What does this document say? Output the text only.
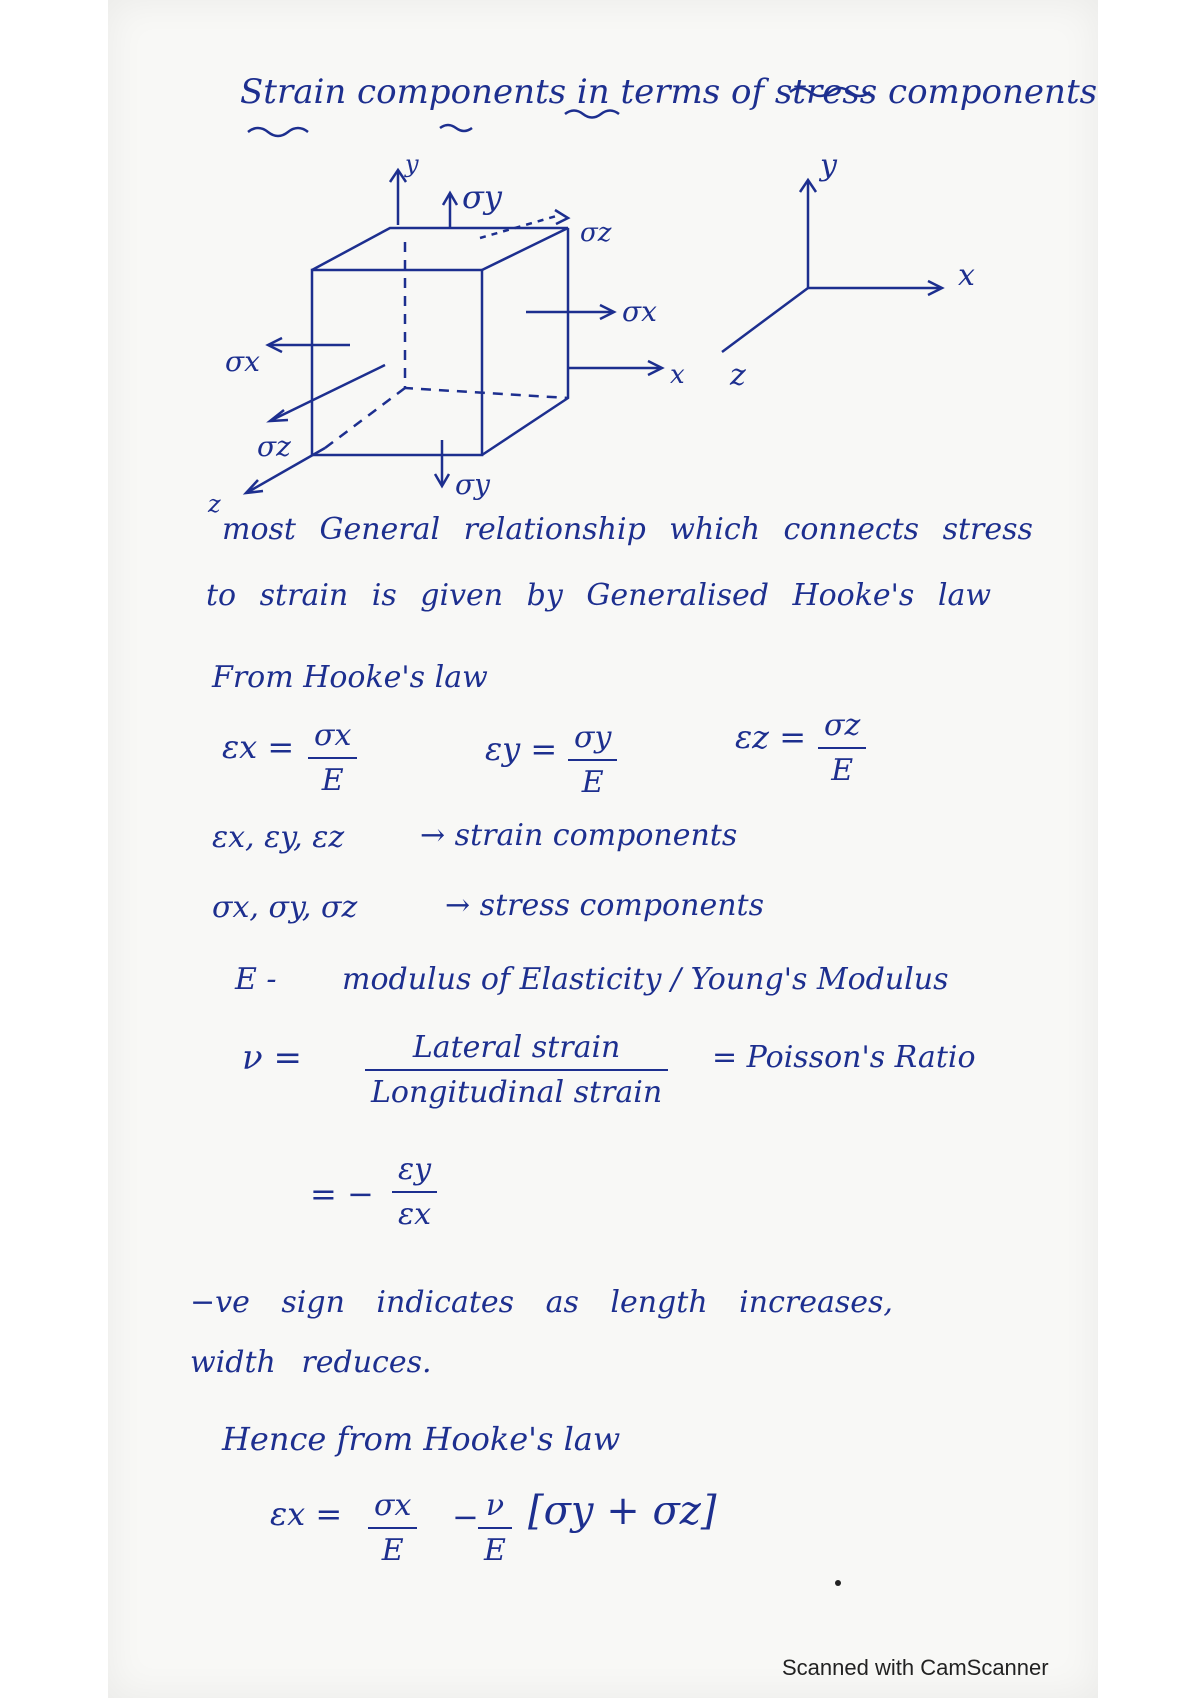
Strain components in terms of stress components
y
σy
σz
σx
x
σx
σz
σy
z
y
x
z
most General relationship which connects stress
to strain is given by Generalised Hooke's law
From Hooke's law
εx = σx
E
εy = σy
E
εz = σz
E
εx, εy, εz	→ strain components
σx, σy, σz	→ stress components
E - modulus of Elasticity / Young's Modulus
ν =	Lateral strain
Longitudinal strain
= Poisson's Ratio
= −
εy
εx
−ve sign indicates as length increases,
width reduces.
Hence from Hooke's law
εx = σx
E
− ν
E
[σy + σz]
Scanned with CamScanner
